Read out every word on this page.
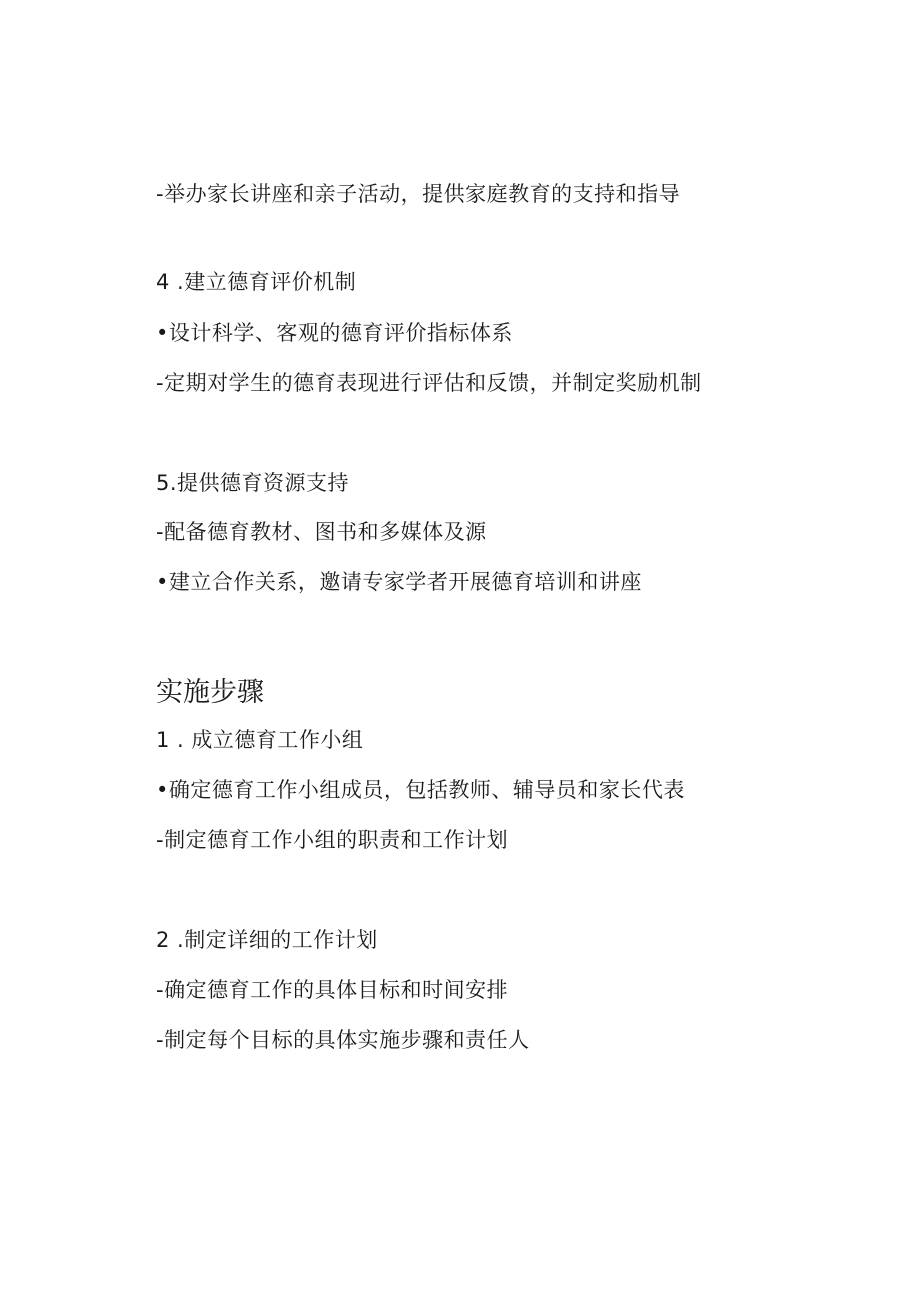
-举办家长讲座和亲子活动，提供家庭教育的支持和指导
4 .建立德育评价机制
•设计科学、客观的德育评价指标体系
-定期对学生的德育表现进行评估和反馈，并制定奖励机制
5.提供德育资源支持
-配备德育教材、图书和多媒体及源
•建立合作关系，邀请专家学者开展德育培训和讲座
实施步骤
1 . 成立德育工作小组
•确定德育工作小组成员，包括教师、辅导员和家长代表
-制定德育工作小组的职责和工作计划
2 .制定详细的工作计划
-确定德育工作的具体目标和时间安排
-制定每个目标的具体实施步骤和责任人
